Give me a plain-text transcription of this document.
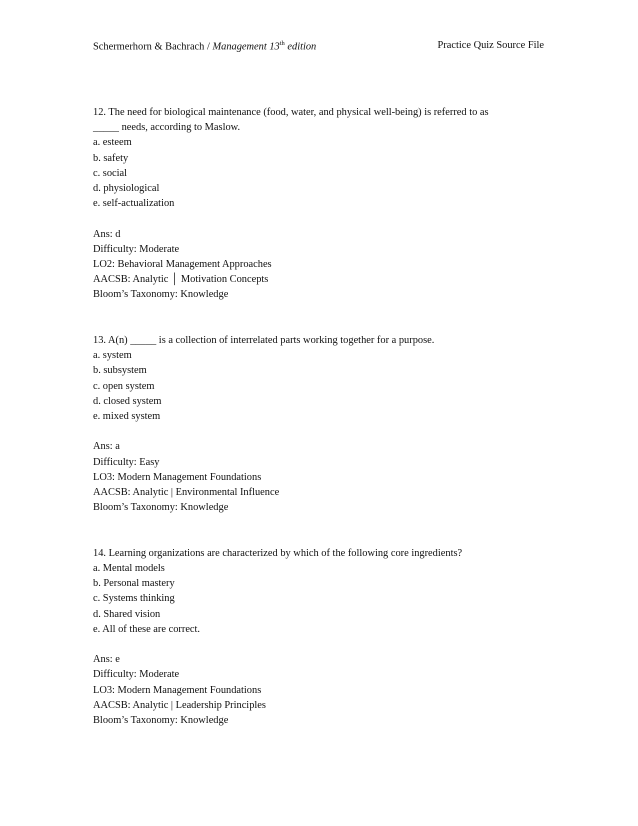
Schermerhorn & Bachrach / Management 13th edition	Practice Quiz Source File
12. The need for biological maintenance (food, water, and physical well-being) is referred to as
_____ needs, according to Maslow.
a. esteem
b. safety
c. social
d. physiological
e. self-actualization
Ans: d
Difficulty: Moderate
LO2: Behavioral Management Approaches
AACSB: Analytic │ Motivation Concepts
Bloom’s Taxonomy: Knowledge
13. A(n) _____ is a collection of interrelated parts working together for a purpose.
a. system
b. subsystem
c. open system
d. closed system
e. mixed system
Ans: a
Difficulty: Easy
LO3: Modern Management Foundations
AACSB: Analytic | Environmental Influence
Bloom’s Taxonomy: Knowledge
14. Learning organizations are characterized by which of the following core ingredients?
a. Mental models
b. Personal mastery
c. Systems thinking
d. Shared vision
e. All of these are correct.
Ans: e
Difficulty: Moderate
LO3: Modern Management Foundations
AACSB: Analytic | Leadership Principles
Bloom’s Taxonomy: Knowledge
